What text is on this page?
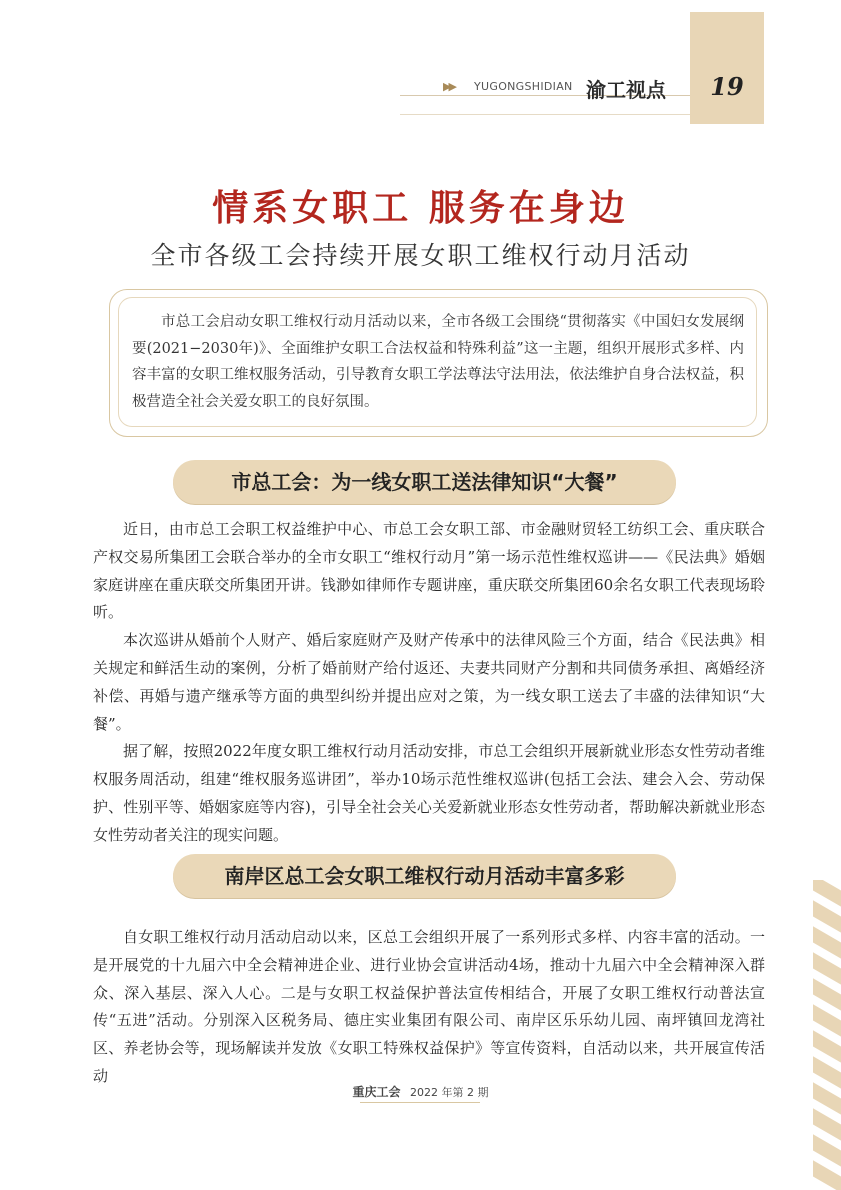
▶▶ YUGONGSHIDIAN 渝工视点	19
情系女职工 服务在身边
全市各级工会持续开展女职工维权行动月活动
市总工会启动女职工维权行动月活动以来，全市各级工会围绕“贯彻落实《中国妇女发展纲要(2021−2030年)》、全面维护女职工合法权益和特殊利益”这一主题，组织开展形式多样、内容丰富的女职工维权服务活动，引导教育女职工学法尊法守法用法，依法维护自身合法权益，积极营造全社会关爱女职工的良好氛围。
市总工会：为一线女职工送法律知识“大餐”

近日，由市总工会职工权益维护中心、市总工会女职工部、市金融财贸轻工纺织工会、重庆联合产权交易所集团工会联合举办的全市女职工“维权行动月”第一场示范性维权巡讲——《民法典》婚姻家庭讲座在重庆联交所集团开讲。钱渺如律师作专题讲座，重庆联交所集团60余名女职工代表现场聆听。

本次巡讲从婚前个人财产、婚后家庭财产及财产传承中的法律风险三个方面，结合《民法典》相关规定和鲜活生动的案例，分析了婚前财产给付返还、夫妻共同财产分割和共同债务承担、离婚经济补偿、再婚与遗产继承等方面的典型纠纷并提出应对之策，为一线女职工送去了丰盛的法律知识“大餐”。

据了解，按照2022年度女职工维权行动月活动安排，市总工会组织开展新就业形态女性劳动者维权服务周活动，组建“维权服务巡讲团”，举办10场示范性维权巡讲(包括工会法、建会入会、劳动保护、性别平等、婚姻家庭等内容)，引导全社会关心关爱新就业形态女性劳动者，帮助解决新就业形态女性劳动者关注的现实问题。

南岸区总工会女职工维权行动月活动丰富多彩

自女职工维权行动月活动启动以来，区总工会组织开展了一系列形式多样、内容丰富的活动。一是开展党的十九届六中全会精神进企业、进行业协会宣讲活动4场，推动十九届六中全会精神深入群众、深入基层、深入人心。二是与女职工权益保护普法宣传相结合，开展了女职工维权行动普法宣传“五进”活动。分别深入区税务局、德庄实业集团有限公司、南岸区乐乐幼儿园、南坪镇回龙湾社区、养老协会等，现场解读并发放《女职工特殊权益保护》等宣传资料，自活动以来，共开展宣传活动

重庆工会 2022 年第 2 期
